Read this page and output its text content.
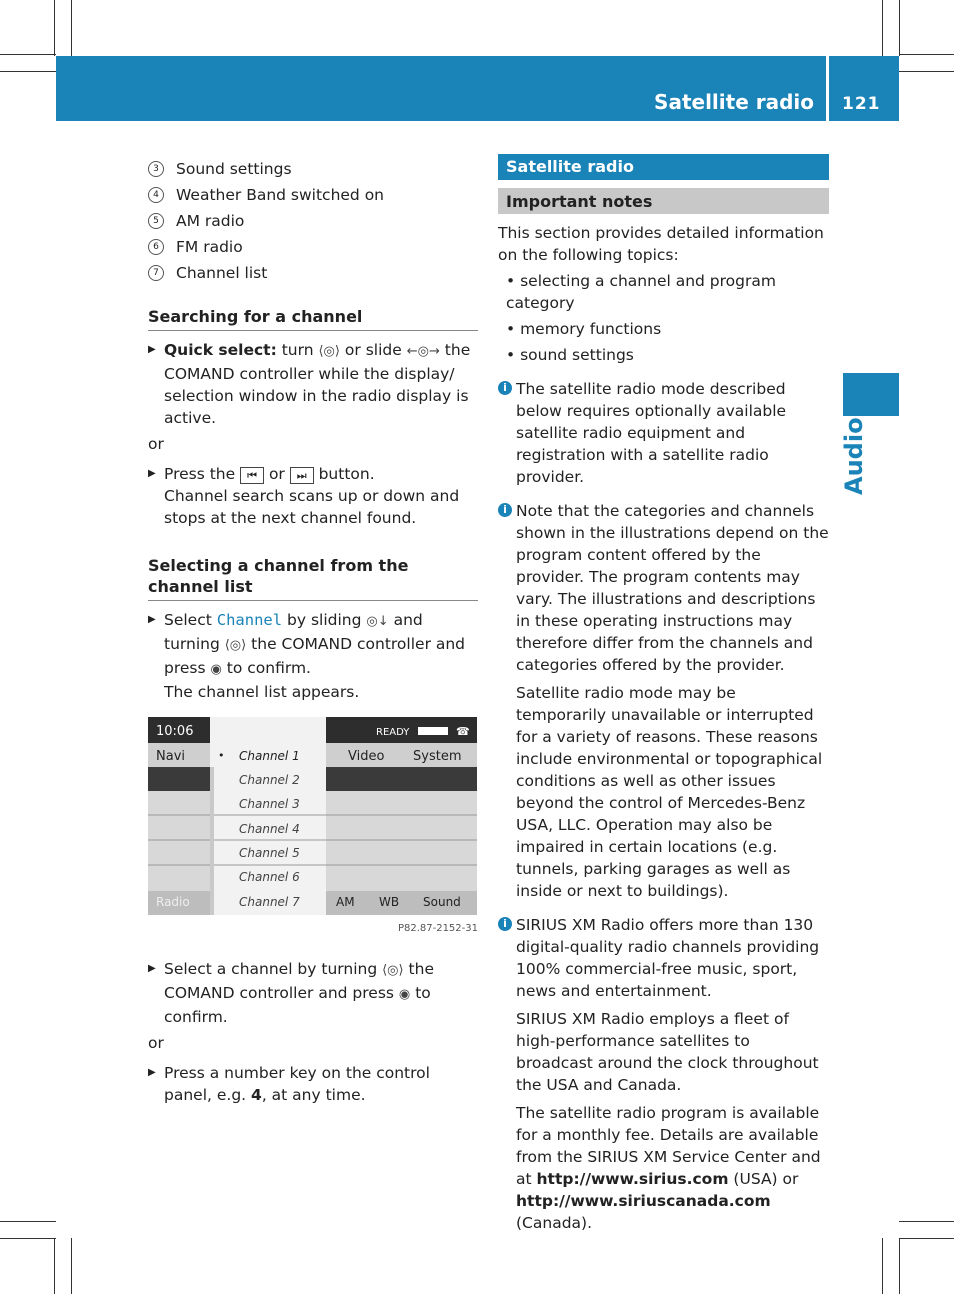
Satellite radio 121
Audio
3	Sound settings
4	Weather Band switched on
5	AM radio
6	FM radio
7	Channel list
Searching for a channel
▶ Quick select: turn ⟨◎⟩ or slide ←◎→ the COMAND controller while the display/ selection window in the radio display is active.
or
▶ Press the ⏮ or ⏭ button.
Channel search scans up or down and stops at the next channel found.
Selecting a channel from the channel list
▶ Select Channel by sliding ◎↓ and turning ⟨◎⟩ the COMAND controller and press ◉ to confirm.
The channel list appears.
10:06	READY	☎
Navi	Video System
• Channel 1
Channel 2
Channel 3
Channel 4
Channel 5
Channel 6
Channel 7
Radio	AM WB Sound
P82.87-2152-31
▶ Select a channel by turning ⟨◎⟩ the COMAND controller and press ◉ to confirm.
or
▶ Press a number key on the control panel, e.g. 4, at any time.
Satellite radio
Important notes
This section provides detailed information on the following topics:
• selecting a channel and program category
• memory functions
• sound settings
i The satellite radio mode described below requires optionally available satellite radio equipment and registration with a satellite radio provider.
i Note that the categories and channels shown in the illustrations depend on the program content offered by the provider. The program contents may vary. The illustrations and descriptions in these operating instructions may therefore differ from the channels and categories offered by the provider.
Satellite radio mode may be temporarily unavailable or interrupted for a variety of reasons. These reasons include environmental or topographical conditions as well as other issues beyond the control of Mercedes-Benz USA, LLC. Operation may also be impaired in certain locations (e.g. tunnels, parking garages as well as inside or next to buildings).
i SIRIUS XM Radio offers more than 130 digital-quality radio channels providing 100% commercial-free music, sport, news and entertainment.
SIRIUS XM Radio employs a fleet of high-performance satellites to broadcast around the clock throughout the USA and Canada.
The satellite radio program is available for a monthly fee. Details are available from the SIRIUS XM Service Center and at http://www.sirius.com (USA) or http://www.siriuscanada.com (Canada).
